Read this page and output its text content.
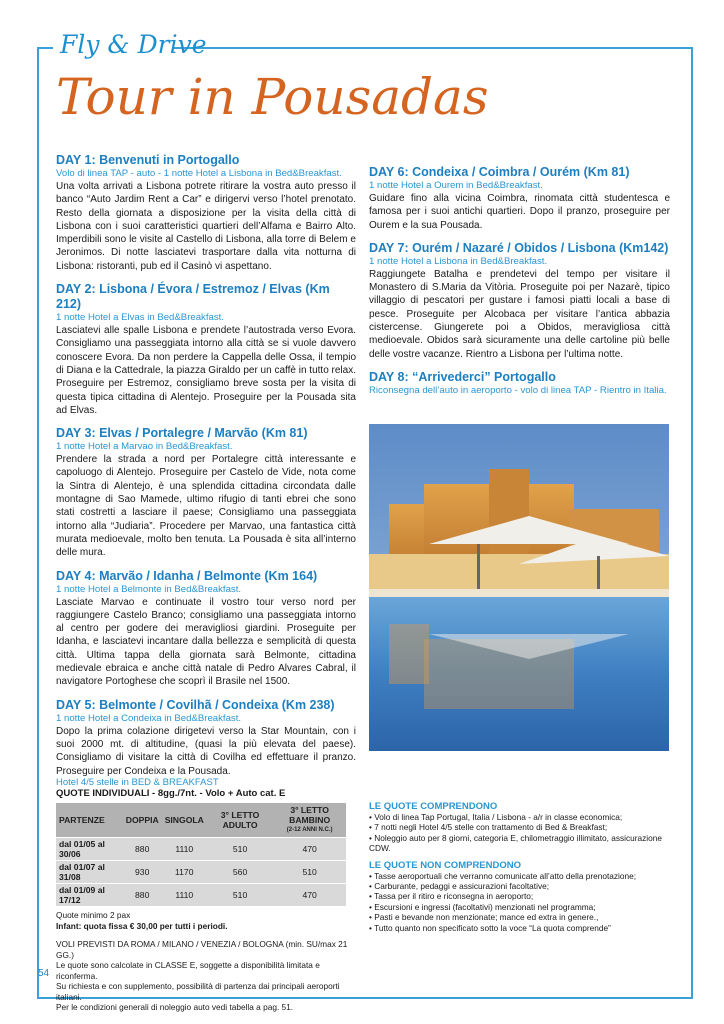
Fly & Drive
Tour in Pousadas

DAY 1: Benvenuti in Portogallo

Volo di linea TAP - auto - 1 notte Hotel a Lisbona in Bed&Breakfast.

Una volta arrivati a Lisbona potrete ritirare la vostra auto presso il banco “Auto Jardim Rent a Car” e dirigervi verso l’hotel prenotato. Resto della giornata a disposizione per la visita della città di Lisbona con i suoi caratteristici quartieri dell’Alfama e Bairro Alto. Imperdibili sono le visite al Castello di Lisbona, alla torre di Belem e Jeronimos. Di notte lasciatevi trasportare dalla vita notturna di Lisbona: ristoranti, pub ed il Casinò vi aspettano.

DAY 2: Lisbona / Évora / Estremoz / Elvas (Km 212)

1 notte Hotel a Elvas in Bed&Breakfast.

Lasciatevi alle spalle Lisbona e prendete l’autostrada verso Evora. Consigliamo una passeggiata intorno alla città se si vuole davvero conoscere Evora. Da non perdere la Cappella delle Ossa, il tempio di Diana e la Cattedrale, la piazza Giraldo per un caffè in tutto relax. Proseguire per Estremoz, consigliamo breve sosta per la visita di questa tipica cittadina di Alentejo. Proseguire per la Pousada sita ad Elvas.

DAY 3: Elvas / Portalegre / Marvão (Km 81)

1 notte Hotel a Marvao in Bed&Breakfast.

Prendere la strada a nord per Portalegre città interessante e capoluogo di Alentejo. Proseguire per Castelo de Vide, nota come la Sintra di Alentejo, è una splendida cittadina circondata dalle montagne di Sao Mamede, ultimo rifugio di tanti ebrei che sono stati costretti a lasciare il paese; Consigliamo una passeggiata intorno alla “Judiaria”. Procedere per Marvao, una fantastica città murata medioevale, molto ben tenuta. La Pousada è sita all’interno delle mura.

DAY 4: Marvão / Idanha / Belmonte (Km 164)

1 notte Hotel a Belmonte in Bed&Breakfast.

Lasciate Marvao e continuate il vostro tour verso nord per raggiungere Castelo Branco; consigliamo una passeggiata intorno al centro per godere dei meravigliosi giardini. Proseguite per Idanha, e lasciatevi incantare dalla bellezza e semplicità di questa città. Ultima tappa della giornata sarà Belmonte, cittadina medievale ebraica e anche città natale di Pedro Alvares Cabral, il navigatore Portoghese che scoprì il Brasile nel 1500.

DAY 5: Belmonte / Covilhã / Condeixa (Km 238)

1 notte Hotel a Condeixa in Bed&Breakfast.

Dopo la prima colazione dirigetevi verso la Star Mountain, con i suoi 2000 mt. di altitudine, (quasi la più elevata del paese). Consigliamo di visitare la città di Covilha ed effettuare il pranzo. Proseguire per Condeixa e la Pousada.

DAY 6: Condeixa / Coimbra / Ourém (Km 81)

1 notte Hotel a Ourem in Bed&Breakfast.

Guidare fino alla vicina Coimbra, rinomata città studentesca e famosa per i suoi antichi quartieri. Dopo il pranzo, proseguire per Ourem e la sua Pousada.

DAY 7: Ourém / Nazaré / Obidos / Lisbona (Km142)

1 notte Hotel a Lisbona in Bed&Breakfast.

Raggiungete Batalha e prendetevi del tempo per visitare il Monastero di S.Maria da Vitòria. Proseguite poi per Nazarè, tipico villaggio di pescatori per gustare i famosi piatti locali a base di pesce. Proseguite per Alcobaca per visitare l’antica abbazia cistercense. Giungerete poi a Obidos, meravigliosa città medioevale. Obidos sarà sicuramente una delle cartoline più belle delle vostre vacanze. Rientro a Lisbona per l’ultima notte.

DAY 8: “Arrivederci” Portogallo

Riconsegna dell’auto in aeroporto - volo di linea TAP - Rientro in Italia.

Hotel 4/5 stelle in BED & BREAKFAST

QUOTE INDIVIDUALI - 8gg./7nt. - Volo + Auto cat. E

PARTENZE	DOPPIA	SINGOLA	3° LETTO ADULTO	3° LETTO BAMBINO
(2-12 ANNI N.C.)

dal 01/05 al 30/06	880	1110	510	470
dal 01/07 al 31/08	930	1170	560	510
dal 01/09 al 17/12	880	1110	510	470

Quote minimo 2 pax

Infant: quota fissa € 30,00 per tutti i periodi.

VOLI PREVISTI DA ROMA / MILANO / VENEZIA / BOLOGNA (min. SU/max 21 GG.)

Le quote sono calcolate in CLASSE E, soggette a disponibilità limitata e riconferma.

Su richiesta e con supplemento, possibilità di partenza dai principali aeroporti italiani.

Per le condizioni generali di noleggio auto vedi tabella a pag. 51.

LE QUOTE COMPRENDONO

• Volo di linea Tap Portugal, Italia / Lisbona - a/r in classe economica;
• 7 notti negli Hotel 4/5 stelle con trattamento di Bed & Breakfast;
• Noleggio auto per 8 giorni, categoria E, chilometraggio illimitato, assicurazione CDW.

LE QUOTE NON COMPRENDONO

• Tasse aeroportuali che verranno comunicate all’atto della prenotazione;
• Carburante, pedaggi e assicurazioni facoltative;
• Tassa per il ritiro e riconsegna in aeroporto;
• Escursioni e ingressi (facoltativi) menzionati nel programma;
• Pasti e bevande non menzionate; mance ed extra in genere.,
• Tutto quanto non specificato sotto la voce “La quota comprende”
54
